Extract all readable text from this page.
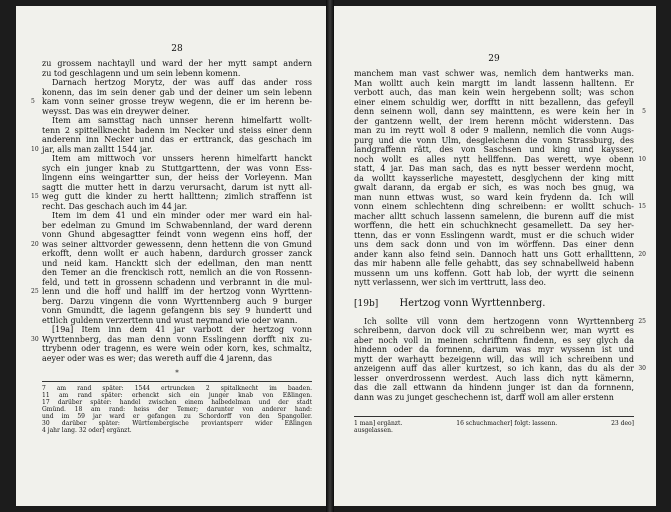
28
zu grossem nachtayll und ward der her mytt sampt andern
zu tod geschlagenn und um sein lebenn komenn.
Darnach hertzog Morytz, der was auff das ander ross
konenn, das im sein dener gab und der deiner um sein lebenn
kam vonn seiner grosse treyw wegenn, die er im herenn be-
5
weysst. Das was ein dreywer deiner.
Item am samsttag nach unnser herenn himelfartt wollt-
tenn 2 spittellknecht badenn im Necker und steiss einer denn
anderenn inn Necker und das er erttranck, das geschach im
jar, alls man zalltt 1544 jar.
10
Item am mittwoch vor unssers herenn himelfartt hanckt
sych ein junger knab zu Stuttgarttenn, der was vonn Ess-
lingenn eins weingartter sun, der heiss der Vorleyenn. Man
sagtt die mutter hett in darzu verursacht, darum ist nytt all-
weg gutt die kinder zu hertt hallttenn; zimlich straffenn ist
15
recht. Das geschach auch im 44 jar.
Item im dem 41 und ein minder oder mer ward ein hal-
ber edelman zu Gmund im Schwabennland, der ward derenn
vonn Ghund abgesagtter feindt vonn wegenn eins hoff, der
was seiner alttvorder gewessenn, denn hettenn die von Gmund
20
erkofft, denn wollt er auch habenn, dardurch grosser zanck
und neid kam. Hancktt sich der edellman, den man nentt
den Temer an die frenckisch rott, nemlich an die von Rossenn-
feld, und tett in grossenn schadenn und verbrannt in die mul-
lenn und die hoff und hallff im der hertzog vonn Wyrttenn-
25
berg. Darzu vingenn die vonn Wyrttennberg auch 9 burger
vonn Gmundtt, die lagenn gefangenn bis sey 9 hundertt und
ettlich guldenn verzerttenn und wust neymand wie oder wann.
[19a] Item inn dem 41 jar varbott der hertzog vonn
Wyrttennberg, das man denn vonn Esslingenn dorfft nix zu-
30
ttrybenn oder tragenn, es were wein oder korn, kes, schmaltz,
aeyer oder was es wer; das wereth auff die 4 jarenn, das
*
7 am rand später: 1544 ertruncken 2 spitalknecht im baaden.
11 am rand später: erhenckt sich ein junger knab von Eßlingen.
17 darüber später: handel zwischen einem halbedelman und der stadt
Gmünd. 18 am rand: heiss der Temer; darunter von anderer hand:
und im 59 jar ward er gefangen zu Schordorff von den Spangoller.
30 darüber später: Württembergische proviantsperr wider Eßlingen
4 jahr lang. 32 oder] ergänzt.
29
manchem man vast schwer was, nemlich dem hantwerks man.
Man wolltt auch kein margtt im landt lassenn halltenn. Er
verbott auch, das man kein wein hergebenn sollt; was schon
einer einem schuldig wer, dorfftt in nitt bezallenn, das gefeyll
denn seinenn woll, dann sey mainttenn, es were kein her in 5
der gantzenn wellt, der irem herenn möcht widerstenn. Das
man zu im reytt woll 8 oder 9 mallenn, nemlich die vonn Augs-
purg und die vonn Ulm, desgleichenn die vonn Strassburg, des
landgraffenn rätt, des von Saschsen und king und kaysser,
noch wollt es alles nytt hellffenn. Das werett, wye obenn 10
statt, 4 jar. Das man sach, das es nytt besser werdenn mocht,
da wolltt kaysserliche mayestett, desglychenn der king mitt
gwalt darann, da ergab er sich, es was noch bes gnug, wa
man nunn ettwas wust, so ward kein frydenn da. Ich will
vonn einem schlechtenn ding schreibenn: er wolltt schuch- 15
macher alltt schuch lassenn samelenn, die burenn auff die mist
worffenn, die hett ein schuchknecht gesamellett. Da sey her-
ttenn, das er vonn Esslingenn wardt, must er die schuch wider
uns dem sack donn und von im wörffenn. Das einer denn
ander kann also feind sein. Dannoch hatt uns Gott erhallttenn, 20
das mir habenn alle felle gehabtt, das sey schnabellweid habenn
mussenn um uns koffenn. Gott hab lob, der wyrtt die seinenn
nytt verlassenn, wer sich im verttrutt, lass deo.
[19b] Hertzog vonn Wyrttennberg.
Ich sollte vill vonn dem hertzogenn vonn Wyrttennberg 25
schreibenn, darvon dock vill zu schreibenn wer, man wyrtt es
aber noch voll in meinen schrifftenn findenn, es sey glych da
hindenn oder da fornnenn, darum was myr wyssenn ist und
mytt der warhaytt bezeigenn will, das will ich schreibenn und
anzeigenn auff das aller kurtzest, so ich kann, das du als der 30
lesser onverdrossenn werdest. Auch lass dich nytt kämernn,
das die zall ettwann da hindenn junger ist dan da fornnenn,
dann was zu junget geschechenn ist, darff woll am aller erstenn
1 man] ergänzt.	16 schuchmacher] folgt: lassenn.	23 deo]
ausgelassen.
